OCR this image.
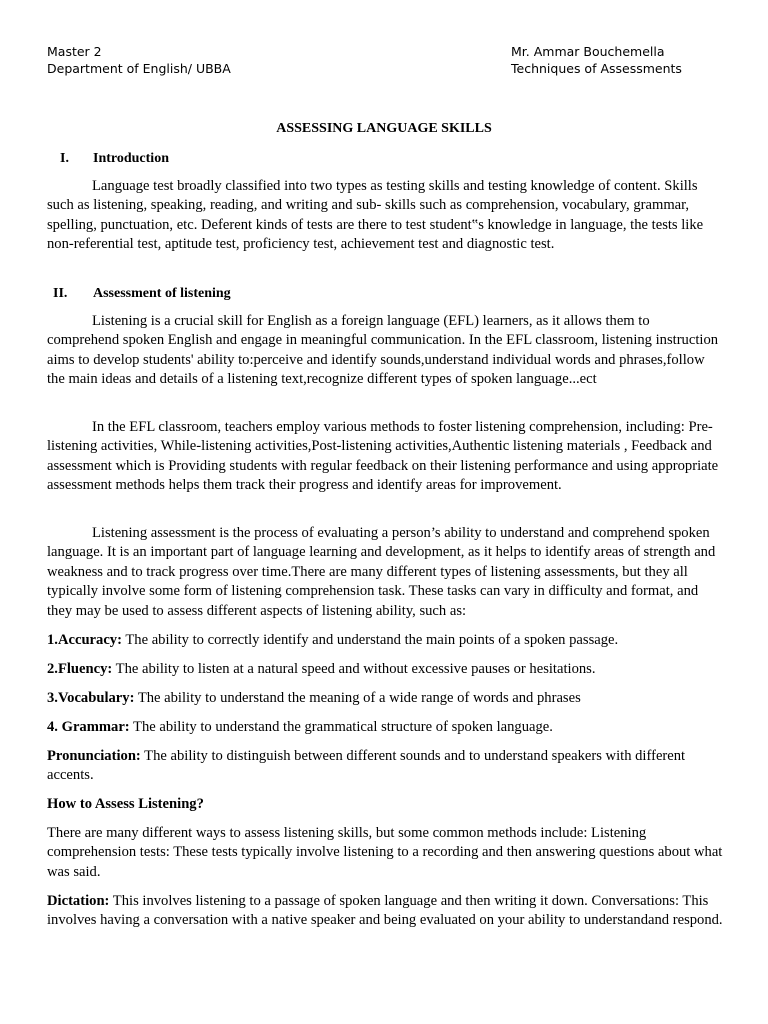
Master 2
Department of English/ UBBA
Mr. Ammar Bouchemella
Techniques of Assessments
ASSESSING LANGUAGE SKILLS
I. Introduction

Language test broadly classified into two types as testing skills and testing knowledge of content. Skills such as listening, speaking, reading, and writing and sub- skills such as comprehension, vocabulary, grammar, spelling, punctuation, etc. Deferent kinds of tests are there to test student‟s knowledge in language, the tests like non-referential test, aptitude test, proficiency test, achievement test and diagnostic test.

II. Assessment of listening

Listening is a crucial skill for English as a foreign language (EFL) learners, as it allows them to comprehend spoken English and engage in meaningful communication. In the EFL classroom, listening instruction aims to develop students' ability to:perceive and identify sounds,understand individual words and phrases,follow the main ideas and details of a listening text,recognize different types of spoken language...ect

In the EFL classroom, teachers employ various methods to foster listening comprehension, including: Pre-listening activities, While-listening activities,Post-listening activities,Authentic listening materials , Feedback and assessment which is Providing students with regular feedback on their listening performance and using appropriate assessment methods helps them track their progress and identify areas for improvement.

Listening assessment is the process of evaluating a person’s ability to understand and comprehend spoken language. It is an important part of language learning and development, as it helps to identify areas of strength and weakness and to track progress over time.There are many different types of listening assessments, but they all typically involve some form of listening comprehension task. These tasks can vary in difficulty and format, and they may be used to assess different aspects of listening ability, such as:

1.Accuracy: The ability to correctly identify and understand the main points of a spoken passage.

2.Fluency: The ability to listen at a natural speed and without excessive pauses or hesitations.

3.Vocabulary: The ability to understand the meaning of a wide range of words and phrases

4. Grammar: The ability to understand the grammatical structure of spoken language.

Pronunciation: The ability to distinguish between different sounds and to understand speakers with different accents.

How to Assess Listening?

There are many different ways to assess listening skills, but some common methods include: Listening comprehension tests: These tests typically involve listening to a recording and then answering questions about what was said.

Dictation: This involves listening to a passage of spoken language and then writing it down. Conversations: This involves having a conversation with a native speaker and being evaluated on your ability to understandand respond.
